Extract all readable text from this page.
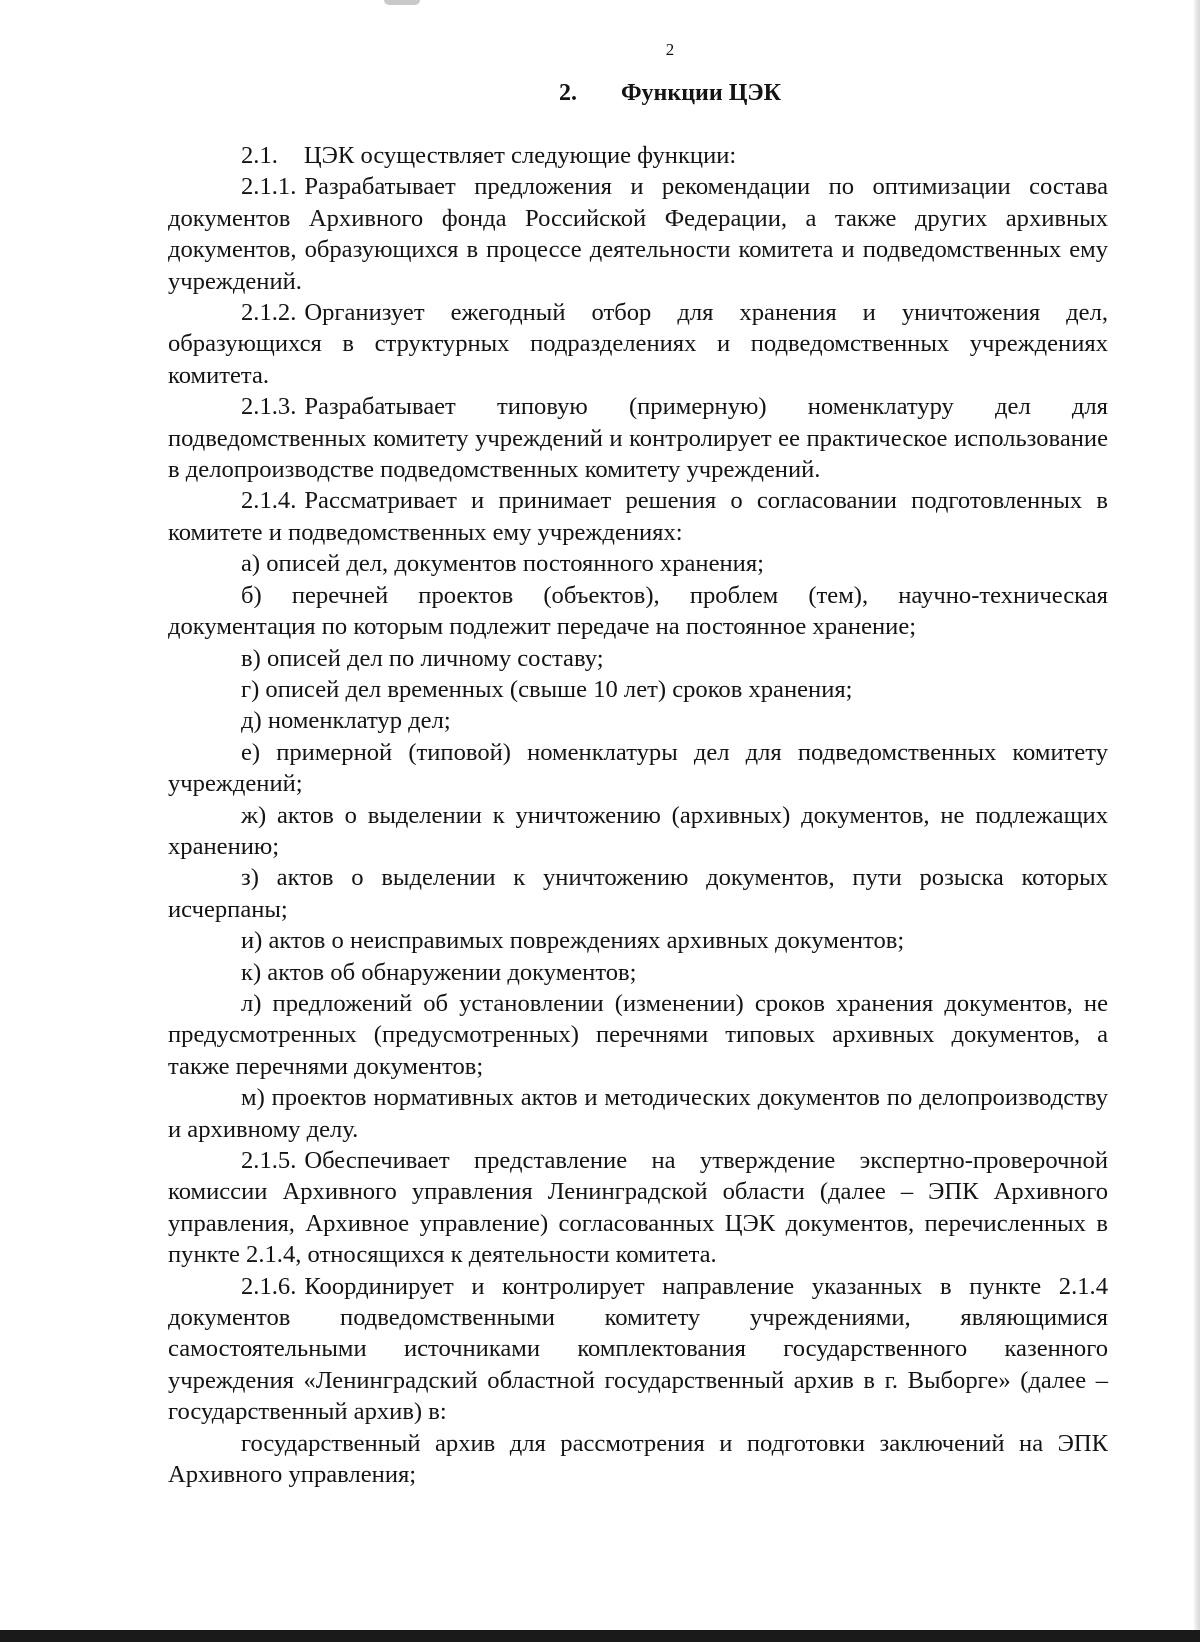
2
2. Функции ЦЭК

2.1. ЦЭК осуществляет следующие функции:

2.1.1. Разрабатывает предложения и рекомендации по оптимизации состава документов Архивного фонда Российской Федерации, а также других архивных документов, образующихся в процессе деятельности комитета и подведомственных ему учреждений.

2.1.2. Организует ежегодный отбор для хранения и уничтожения дел, образующихся в структурных подразделениях и подведомственных учреждениях комитета.

2.1.3. Разрабатывает типовую (примерную) номенклатуру дел для подведомственных комитету учреждений и контролирует ее практическое использование в делопроизводстве подведомственных комитету учреждений.

2.1.4. Рассматривает и принимает решения о согласовании подготовленных в комитете и подведомственных ему учреждениях:

а) описей дел, документов постоянного хранения;

б) перечней проектов (объектов), проблем (тем), научно-техническая документация по которым подлежит передаче на постоянное хранение;

в) описей дел по личному составу;

г) описей дел временных (свыше 10 лет) сроков хранения;

д) номенклатур дел;

е) примерной (типовой) номенклатуры дел для подведомственных комитету учреждений;

ж) актов о выделении к уничтожению (архивных) документов, не подлежащих хранению;

з) актов о выделении к уничтожению документов, пути розыска которых исчерпаны;

и) актов о неисправимых повреждениях архивных документов;

к) актов об обнаружении документов;

л) предложений об установлении (изменении) сроков хранения документов, не предусмотренных (предусмотренных) перечнями типовых архивных документов, а также перечнями документов;

м) проектов нормативных актов и методических документов по делопроизводству и архивному делу.

2.1.5. Обеспечивает представление на утверждение экспертно-проверочной комиссии Архивного управления Ленинградской области (далее – ЭПК Архивного управления, Архивное управление) согласованных ЦЭК документов, перечисленных в пункте 2.1.4, относящихся к деятельности комитета.

2.1.6. Координирует и контролирует направление указанных в пункте 2.1.4 документов подведомственными комитету учреждениями, являющимися самостоятельными источниками комплектования государственного казенного учреждения «Ленинградский областной государственный архив в г. Выборге» (далее – государственный архив) в:

государственный архив для рассмотрения и подготовки заключений на ЭПК Архивного управления;
